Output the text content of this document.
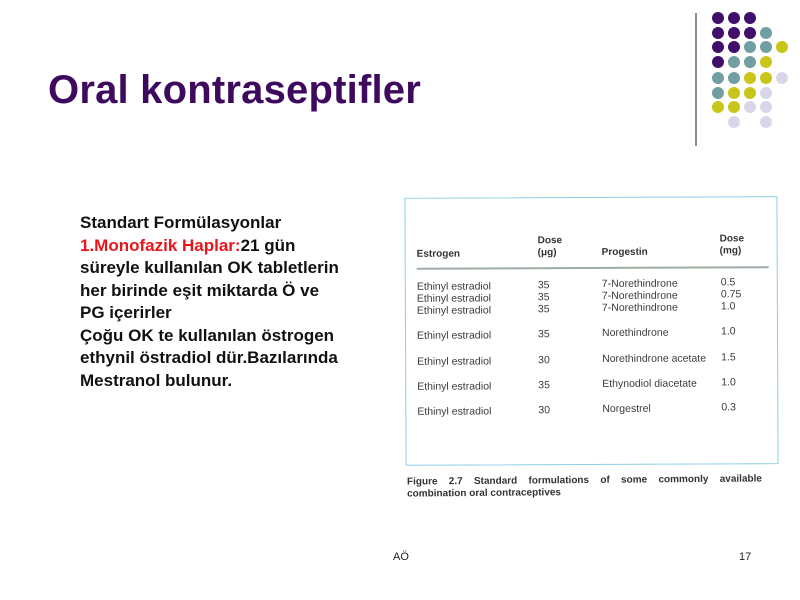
Oral kontraseptifler
Standart Formülasyonlar
1.Monofazik Haplar:21 gün
süreyle kullanılan OK tabletlerin
her birinde eşit miktarda Ö ve
PG içerirler
Çoğu OK te kullanılan östrogen
ethynil östradiol dür.Bazılarında
Mestranol bulunur.
Estrogen
Dose
(μg)	Progestin
Dose
(mg)
Ethinyl estradiol	35	7-Norethindrone	0.5
Ethinyl estradiol	35	7-Norethindrone	0.75
Ethinyl estradiol	35	7-Norethindrone	1.0
Ethinyl estradiol	35	Norethindrone	1.0
Ethinyl estradiol	30	Norethindrone acetate 1.5
Ethinyl estradiol	35	Ethynodiol diacetate 1.0
Ethinyl estradiol	30	Norgestrel	0.3
Figure 2.7 Standard formulations of some commonly available combination oral contraceptives
AÖ	17
